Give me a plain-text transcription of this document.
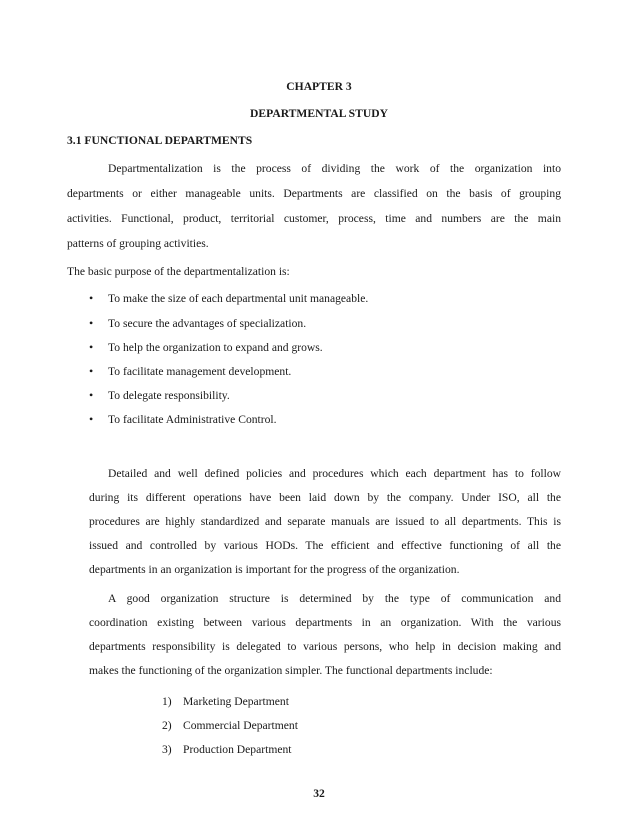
CHAPTER 3

DEPARTMENTAL STUDY

3.1 FUNCTIONAL DEPARTMENTS

Departmentalization is the process of dividing the work of the organization into

departments or either manageable units. Departments are classified on the basis of grouping

activities. Functional, product, territorial customer, process, time and numbers are the main

patterns of grouping activities.

The basic purpose of the departmentalization is:

• To make the size of each departmental unit manageable.
• To secure the advantages of specialization.
• To help the organization to expand and grows.
• To facilitate management development.
• To delegate responsibility.
• To facilitate Administrative Control.

Detailed and well defined policies and procedures which each department has to follow

during its different operations have been laid down by the company. Under ISO, all the

procedures are highly standardized and separate manuals are issued to all departments. This is

issued and controlled by various HODs. The efficient and effective functioning of all the

departments in an organization is important for the progress of the organization.

A good organization structure is determined by the type of communication and

coordination existing between various departments in an organization. With the various

departments responsibility is delegated to various persons, who help in decision making and

makes the functioning of the organization simpler. The functional departments include:

1) Marketing Department
2) Commercial Department
3) Production Department

32
